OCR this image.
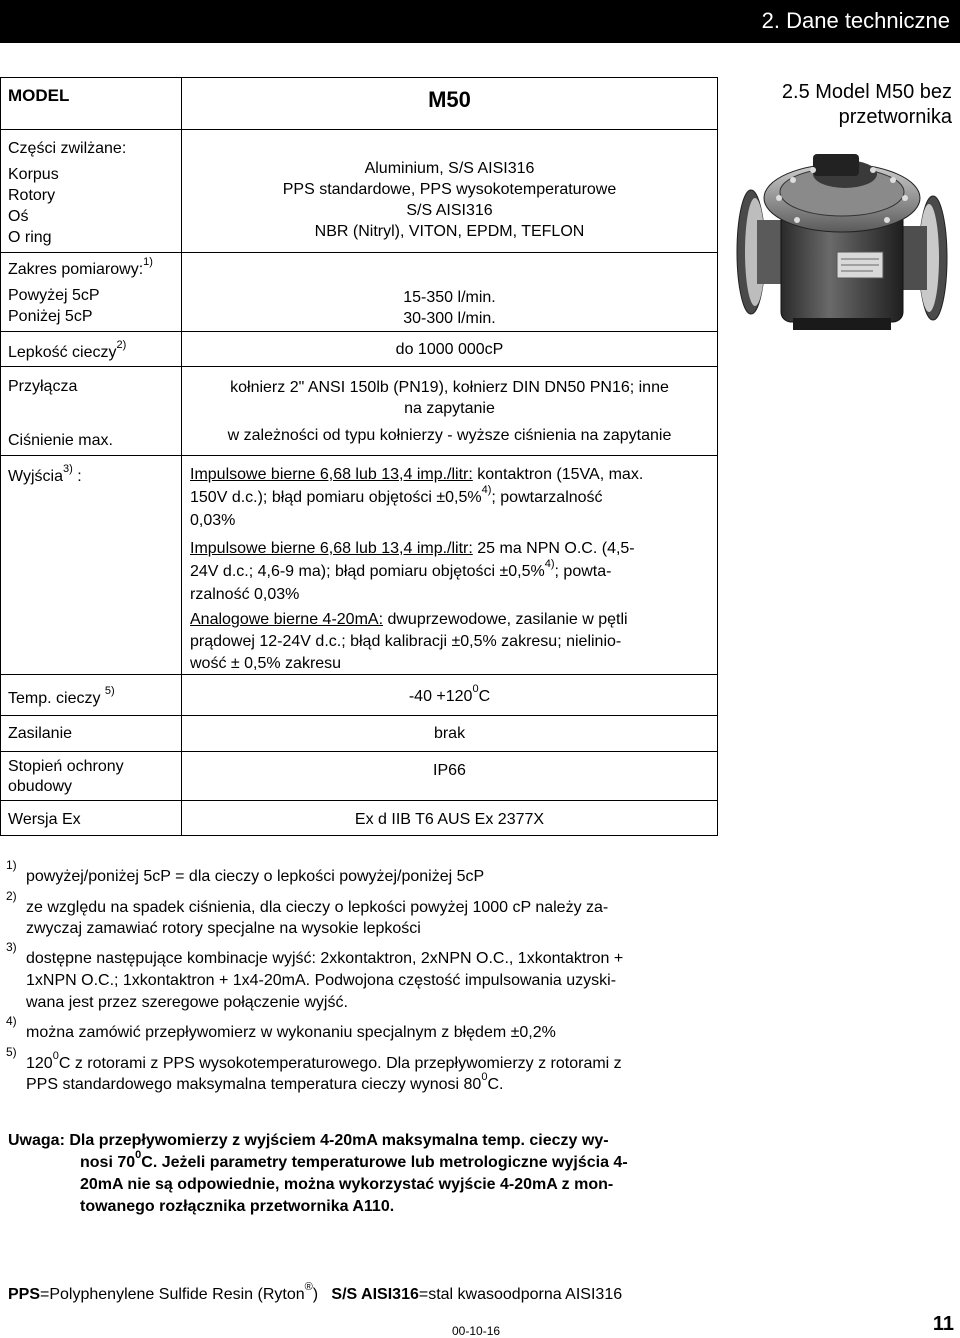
2. Dane techniczne
MODEL
Części zwilżane:
Korpus
Rotory
Oś
O ring
Zakres pomiarowy:$^{1)}$
Powyżej 5cP
Poniżej 5cP
Lepkość cieczy$^{2)}$
Przyłącza
Ciśnienie max.
Wyjścia$^{3)}$ :
Temp. cieczy $^{5)}$
Zasilanie
Stopień ochrony
obudowy
Wersja Ex
M50
Aluminium, S/S AISI316
PPS standardowe, PPS wysokotemperaturowe
S/S AISI316
NBR (Nitryl), VITON, EPDM, TEFLON
15-350 l/min.
30-300 l/min.
do 1000 000cP
kołnierz 2" ANSI 150lb (PN19), kołnierz DIN DN50 PN16; inne
na zapytanie
w zależności od typu kołnierzy - wyższe ciśnienia na zapytanie
Impulsowe bierne 6,68 lub 13,4 imp./litr: kontaktron (15VA, max.
150V d.c.); błąd pomiaru objętości ±0,5%$^{4)}$; powtarzalność
0,03%
Impulsowe bierne 6,68 lub 13,4 imp./litr: 25 ma NPN O.C. (4,5-
24V d.c.; 4,6-9 ma); błąd pomiaru objętości ±0,5%$^{4)}$; powta-
rzalność 0,03%
Analogowe bierne 4-20mA: dwuprzewodowe, zasilanie w pętli
prądowej 12-24V d.c.; błąd kalibracji ±0,5% zakresu; nielinio-
wość ± 0,5% zakresu
$-40 +120^0C$
brak
IP66
Ex d IIB T6 AUS Ex 2377X
2.5 Model M50 bez
przetwornika
1)
powyżej/poniżej 5cP = dla cieczy o lepkości powyżej/poniżej 5cP
2)
ze względu na spadek ciśnienia, dla cieczy o lepkości powyżej 1000 cP należy za-
zwyczaj zamawiać rotory specjalne na wysokie lepkości
3)
dostępne następujące kombinacje wyjść: 2xkontaktron, 2xNPN O.C., 1xkontaktron +
1xNPN O.C.; 1xkontaktron + 1x4-20mA. Podwojona częstość impulsowania uzyski-
wana jest przez szeregowe połączenie wyjść.
4)
można zamówić przepływomierz w wykonaniu specjalnym z błędem ±0,2%
5)
$120^0C$ z rotorami z PPS wysokotemperaturowego. Dla przepływomierzy z rotorami z
PPS standardowego maksymalna temperatura cieczy wynosi $80^0C$.
Uwaga: Dla przepływomierzy z wyjściem 4-20mA maksymalna temp. cieczy wy-
nosi $70^0C$. Jeżeli parametry temperaturowe lub metrologiczne wyjścia 4-
20mA nie są odpowiednie, można wykorzystać wyjście 4-20mA z mon-
towanego rozłącznika przetwornika A110.
PPS=Polyphenylene Sulfide Resin (Ryton®) S/S AISI316=stal kwasoodporna AISI316
00-10-16	11
